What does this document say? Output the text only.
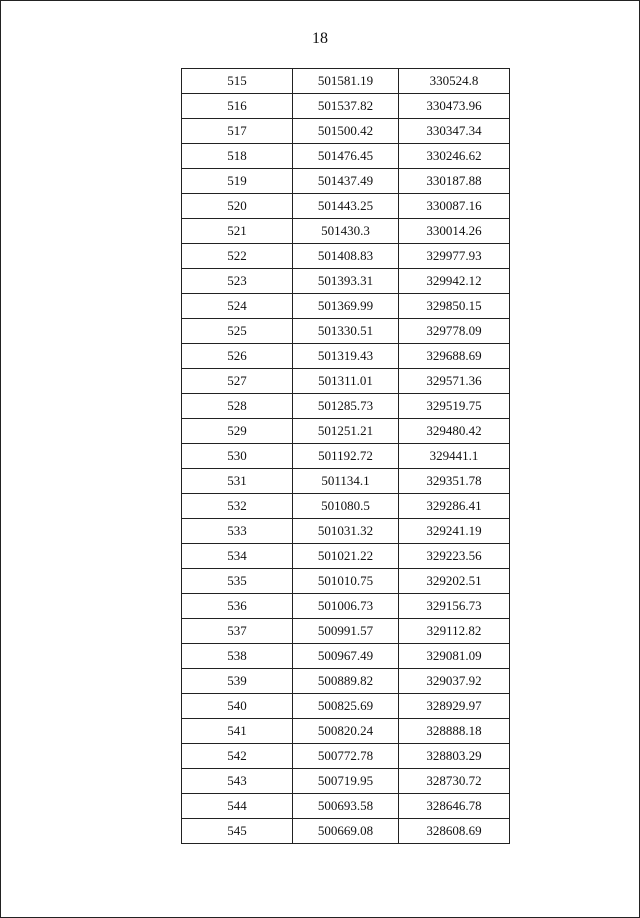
18
515	501581.19	330524.8
516	501537.82	330473.96
517	501500.42	330347.34
518	501476.45	330246.62
519	501437.49	330187.88
520	501443.25	330087.16
521	501430.3	330014.26
522	501408.83	329977.93
523	501393.31	329942.12
524	501369.99	329850.15
525	501330.51	329778.09
526	501319.43	329688.69
527	501311.01	329571.36
528	501285.73	329519.75
529	501251.21	329480.42
530	501192.72	329441.1
531	501134.1	329351.78
532	501080.5	329286.41
533	501031.32	329241.19
534	501021.22	329223.56
535	501010.75	329202.51
536	501006.73	329156.73
537	500991.57	329112.82
538	500967.49	329081.09
539	500889.82	329037.92
540	500825.69	328929.97
541	500820.24	328888.18
542	500772.78	328803.29
543	500719.95	328730.72
544	500693.58	328646.78
545	500669.08	328608.69
